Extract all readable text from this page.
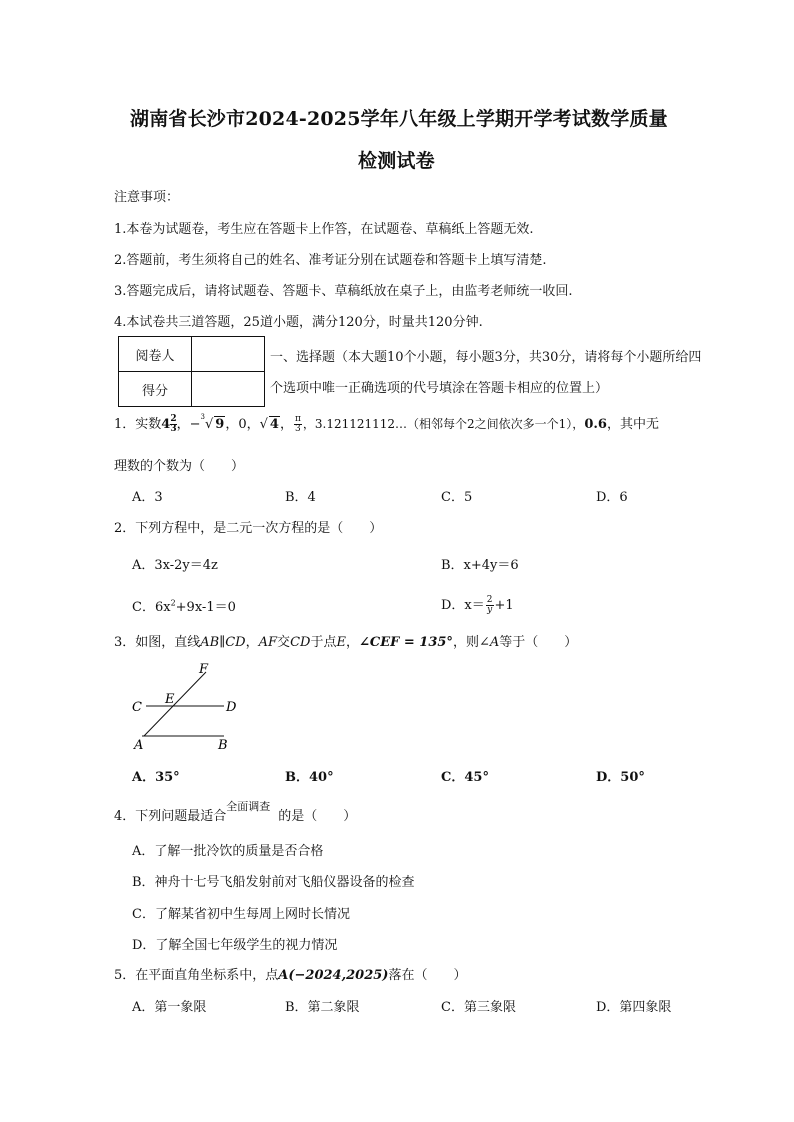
湖南省长沙市2024-2025学年八年级上学期开学考试数学质量
检测试卷
注意事项：
1.本卷为试题卷，考生应在答题卡上作答，在试题卷、草稿纸上答题无效.
2.答题前，考生须将自己的姓名、准考证分别在试题卷和答题卡上填写清楚.
3.答题完成后，请将试题卷、答题卡、草稿纸放在桌子上，由监考老师统一收回.
4.本试卷共三道答题，25道小题，满分120分，时量共120分钟.
阅卷人	
得分	
一、选择题（本大题10个小题，每小题3分，共30分，请将每个小题所给四
个选项中唯一正确选项的代号填涂在答题卡相应的位置上）
1．实数$4 \frac{2}{3}$，−$^3$√ 9，0，√ 4， $\frac{\pi}{3}$ ，3.121121112…（相邻每个2之间依次多一个1），0.6，其中无
理数的个数为（　　）
A．3	B．4	C．5	D．6
2．下列方程中，是二元一次方程的是（　　）
A．3x-2y＝4z	B．x+4y＝6
C．$6x^2+9x-1=0$	D．$x= \frac{2}{y} +1$
3．如图，直线AB∥CD，AF交CD于点E，∠CEF = 135°，则∠A等于（　　）
F
E
C	D
A	B
A．35°	B．40°	C．45°	D．50°
4．下列问题最适合
全面调查
的是（　　）
A．了解一批冷饮的质量是否合格
B．神舟十七号飞船发射前对飞船仪器设备的检查
C．了解某省初中生每周上网时长情况
D．了解全国七年级学生的视力情况
5．在平面直角坐标系中，点A(−2024,2025)落在（　　）
A．第一象限	B．第二象限	C．第三象限	D．第四象限
